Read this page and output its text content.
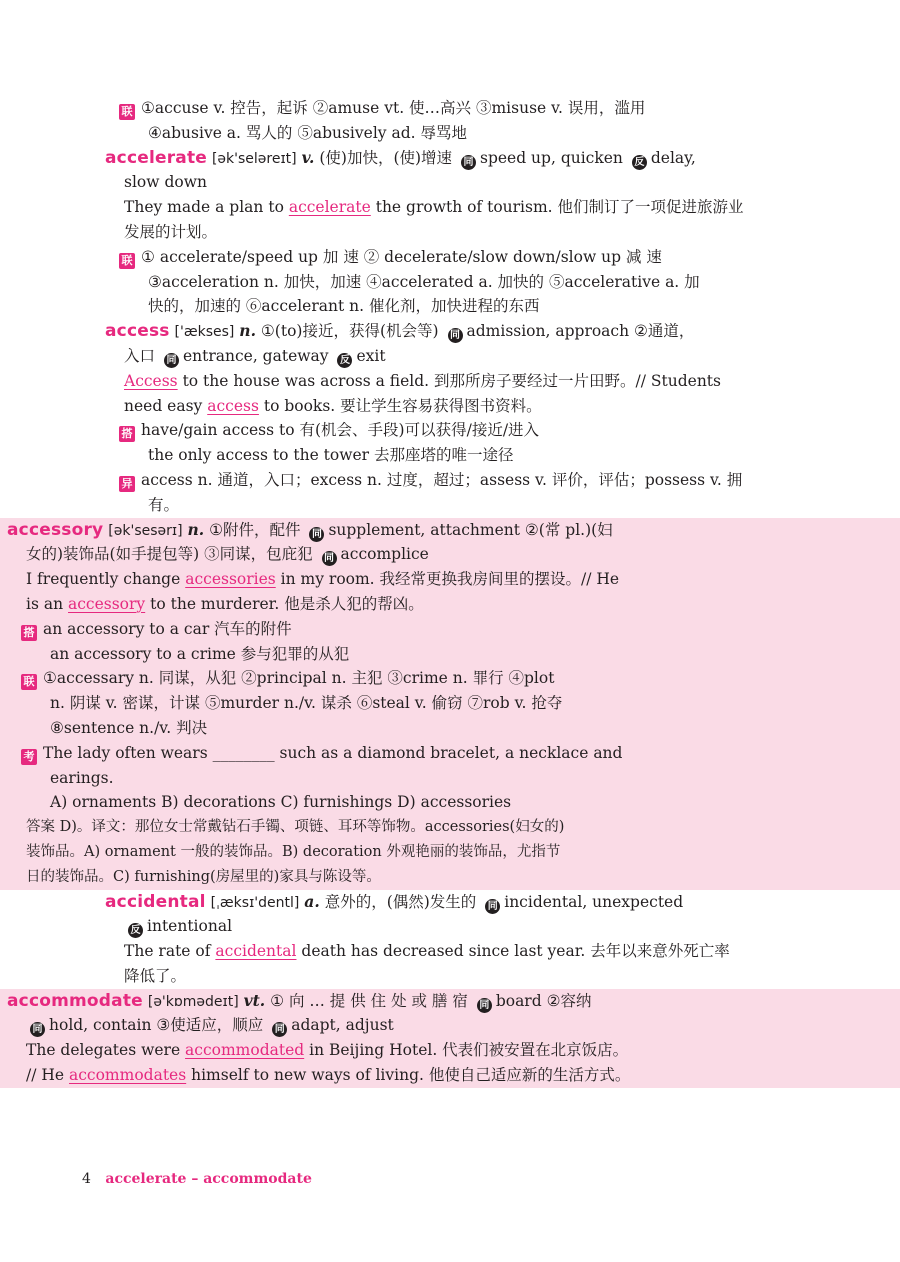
联 ①accuse v. 控告，起诉 ②amuse vt. 使…高兴 ③misuse v. 误用，滥用
④abusive a. 骂人的 ⑤abusively ad. 辱骂地
accelerate [ək'seləreɪt] v. (使)加快，(使)增速 同 speed up, quicken 反 delay,
slow down
They made a plan to accelerate the growth of tourism. 他们制订了一项促进旅游业
发展的计划。
联 ① accelerate/speed up 加 速 ② decelerate/slow down/slow up 减 速
③acceleration n. 加快，加速 ④accelerated a. 加快的 ⑤accelerative a. 加
快的，加速的 ⑥accelerant n. 催化剂，加快进程的东西
access ['ækses] n. ①(to)接近，获得(机会等) 同 admission, approach ②通道，
入口 同 entrance, gateway 反 exit
Access to the house was across a field. 到那所房子要经过一片田野。// Students
need easy access to books. 要让学生容易获得图书资料。
搭 have/gain access to 有(机会、手段)可以获得/接近/进入
the only access to the tower 去那座塔的唯一途径
异 access n. 通道，入口；excess n. 过度，超过；assess v. 评价，评估；possess v. 拥
有。
accessory [ək'sesərɪ] n. ①附件，配件 同 supplement, attachment ②(常 pl.)(妇
女的)装饰品(如手提包等) ③同谋，包庇犯 同 accomplice
I frequently change accessories in my room. 我经常更换我房间里的摆设。// He
is an accessory to the murderer. 他是杀人犯的帮凶。
搭 an accessory to a car 汽车的附件
an accessory to a crime 参与犯罪的从犯
联 ①accessary n. 同谋，从犯 ②principal n. 主犯 ③crime n. 罪行 ④plot
n. 阴谋 v. 密谋，计谋 ⑤murder n./v. 谋杀 ⑥steal v. 偷窃 ⑦rob v. 抢夺
⑧sentence n./v. 判决
考 The lady often wears ________ such as a diamond bracelet, a necklace and
earings.
A) ornaments B) decorations C) furnishings D) accessories
答案 D)。译文：那位女士常戴钻石手镯、项链、耳环等饰物。accessories(妇女的)
装饰品。A) ornament 一般的装饰品。B) decoration 外观艳丽的装饰品，尤指节
日的装饰品。C) furnishing(房屋里的)家具与陈设等。
accidental [ˌæksɪ'dentl] a. 意外的，(偶然)发生的 同 incidental, unexpected
反 intentional
The rate of accidental death has decreased since last year. 去年以来意外死亡率
降低了。
accommodate [ə'kɒmədeɪt] vt. ① 向 … 提 供 住 处 或 膳 宿 同 board ②容纳
同 hold, contain ③使适应，顺应 同 adapt, adjust
The delegates were accommodated in Beijing Hotel. 代表们被安置在北京饭店。
// He accommodates himself to new ways of living. 他使自己适应新的生活方式。
4 accelerate – accommodate
